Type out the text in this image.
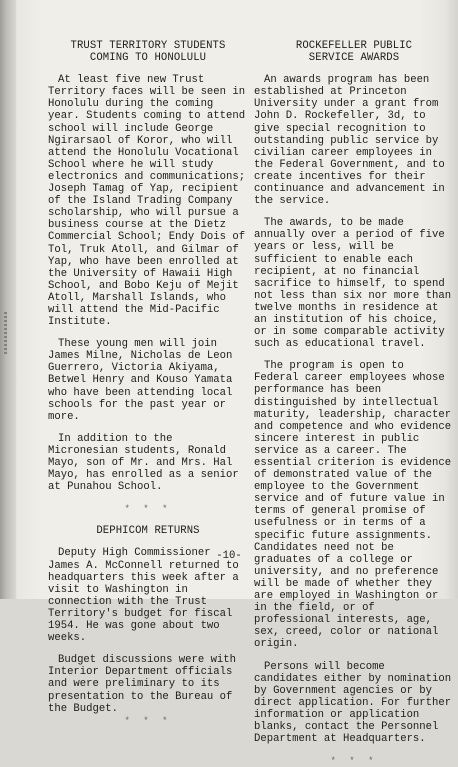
TRUST TERRITORY STUDENTS

COMING TO HONOLULU

At least five new Trust Territory faces will be seen in Honolulu during the coming year. Students coming to attend school will include George Ngirarsaol of Koror, who will attend the Honolulu Vocational School where he will study electronics and communications; Joseph Tamag of Yap, recipient of the Island Trading Company scholarship, who will pursue a business course at the Dietz Commercial School; Endy Dois of Tol, Truk Atoll, and Gilmar of Yap, who have been enrolled at the University of Hawaii High School, and Bobo Keju of Mejit Atoll, Marshall Islands, who will attend the Mid-Pacific Institute.

These young men will join James Milne, Nicholas de Leon Guerrero, Victoria Akiyama, Betwel Henry and Kouso Yamata who have been attending local schools for the past year or more.

In addition to the Micronesian students, Ronald Mayo, son of Mr. and Mrs. Hal Mayo, has enrolled as a senior at Punahou School.

* * *

DEPHICOM RETURNS

Deputy High Commissioner James A. McConnell returned to headquarters this week after a visit to Washington in connection with the Trust Territory's budget for fiscal 1954. He was gone about two weeks.

Budget discussions were with Interior Department officials and were preliminary to its presentation to the Bureau of the Budget.

* * *

ROCKEFELLER PUBLIC

SERVICE AWARDS

An awards program has been established at Princeton University under a grant from John D. Rockefeller, 3d, to give special recognition to outstanding public service by civilian career employees in the Federal Government, and to create incentives for their continuance and advancement in the service.

The awards, to be made annually over a period of five years or less, will be sufficient to enable each recipient, at no financial sacrifice to himself, to spend not less than six nor more than twelve months in residence at an institution of his choice, or in some comparable activity such as educational travel.

The program is open to Federal career employees whose performance has been distinguished by intellectual maturity, leadership, character and competence and who evidence sincere interest in public service as a career. The essential criterion is evidence of demonstrated value of the employee to the Government service and of future value in terms of general promise of usefulness or in terms of a specific future assignments. Candidates need not be graduates of a college or university, and no preference will be made of whether they are employed in Washington or in the field, or of professional interests, age, sex, creed, color or national origin.

Persons will become candidates either by nomination by Government agencies or by direct application. For further information or application blanks, contact the Personnel Department at Headquarters.

* * *

-10-
